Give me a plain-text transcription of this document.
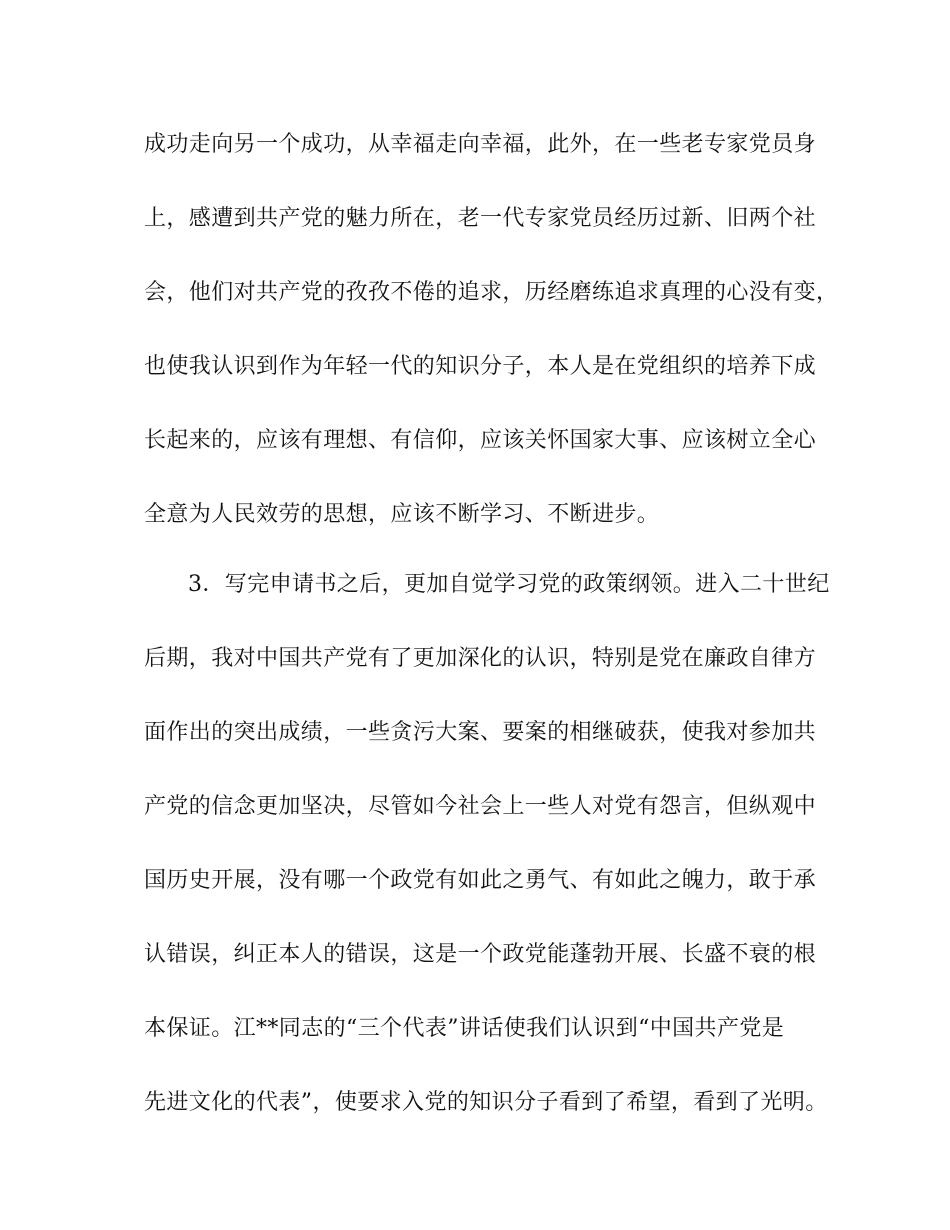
成功走向另一个成功，从幸福走向幸福，此外，在一些老专家党员身
上，感遭到共产党的魅力所在，老一代专家党员经历过新、旧两个社
会，他们对共产党的孜孜不倦的追求，历经磨练追求真理的心没有变，
也使我认识到作为年轻一代的知识分子，本人是在党组织的培养下成
长起来的，应该有理想、有信仰，应该关怀国家大事、应该树立全心
全意为人民效劳的思想，应该不断学习、不断进步。
3．写完申请书之后，更加自觉学习党的政策纲领。进入二十世纪
后期，我对中国共产党有了更加深化的认识，特别是党在廉政自律方
面作出的突出成绩，一些贪污大案、要案的相继破获，使我对参加共
产党的信念更加坚决，尽管如今社会上一些人对党有怨言，但纵观中
国历史开展，没有哪一个政党有如此之勇气、有如此之魄力，敢于承
认错误，纠正本人的错误，这是一个政党能蓬勃开展、长盛不衰的根
本保证。江**同志的“三个代表”讲话使我们认识到“中国共产党是
先进文化的代表”，使要求入党的知识分子看到了希望，看到了光明。
